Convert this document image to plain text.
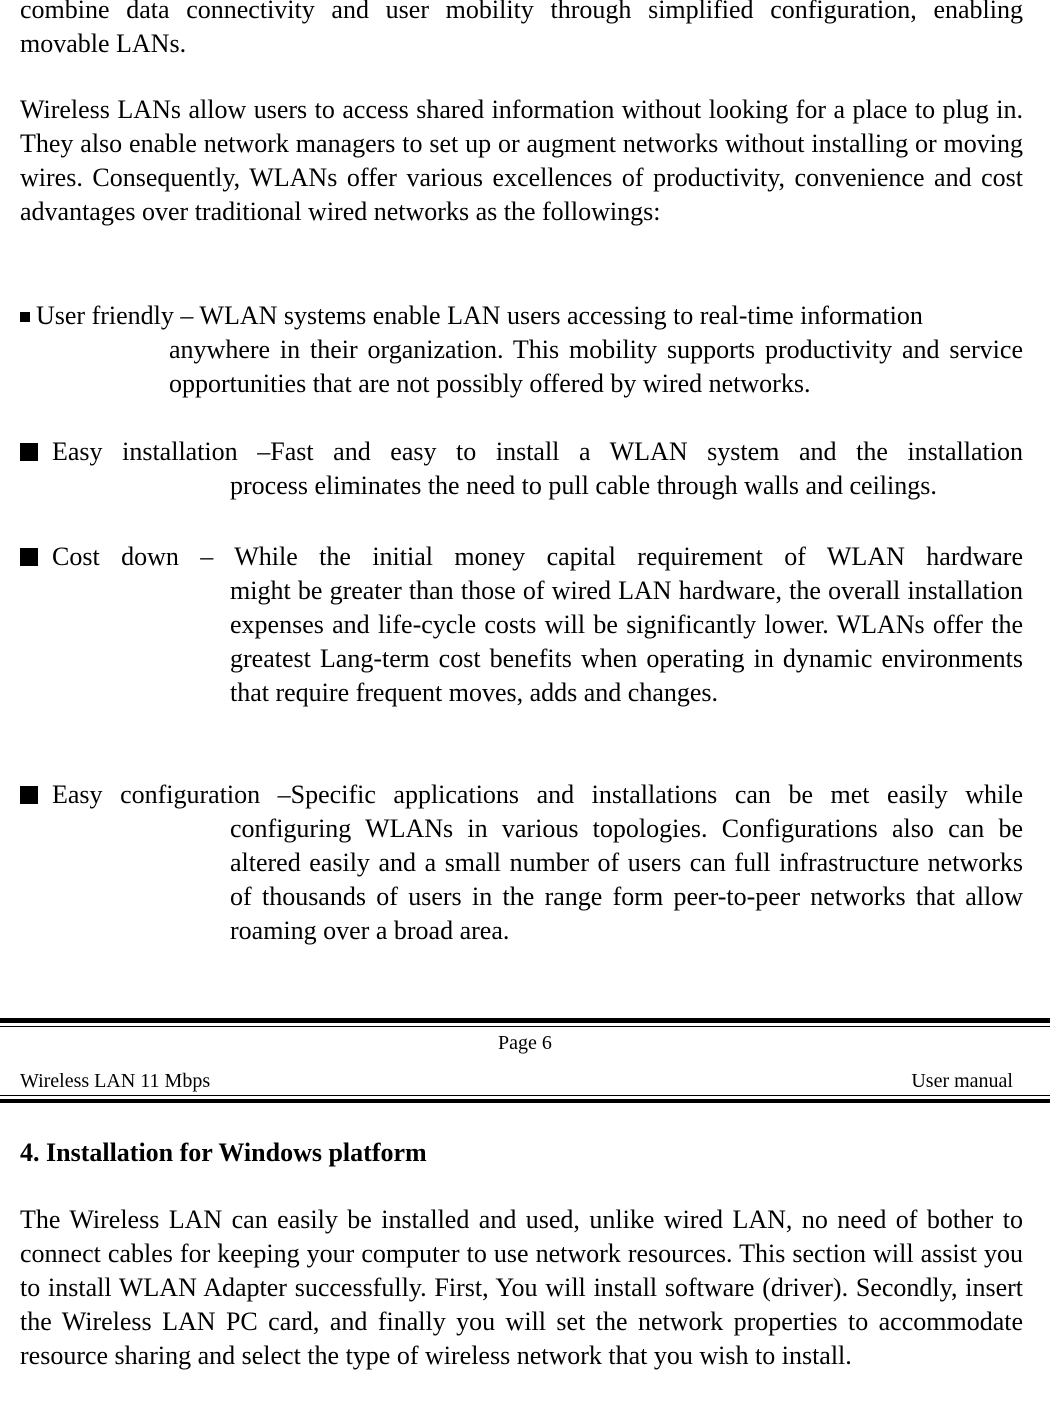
combine data connectivity and user mobility through simplified configuration, enabling movable LANs.

Wireless LANs allow users to access shared information without looking for a place to plug in. They also enable network managers to set up or augment networks without installing or moving wires. Consequently, WLANs offer various excellences of productivity, convenience and cost advantages over traditional wired networks as the followings:

User friendly – WLAN systems enable LAN users accessing to real-time information
anywhere in their organization. This mobility supports productivity and service opportunities that are not possibly offered by wired networks.
Easy installation –Fast and easy to install a WLAN system and the installation
process eliminates the need to pull cable through walls and ceilings.
Cost down – While the initial money capital requirement of WLAN hardware
might be greater than those of wired LAN hardware, the overall installation expenses and life-cycle costs will be significantly lower. WLANs offer the greatest Lang-term cost benefits when operating in dynamic environments that require frequent moves, adds and changes.
Easy configuration –Specific applications and installations can be met easily while
configuring WLANs in various topologies. Configurations also can be altered easily and a small number of users can full infrastructure networks of thousands of users in the range form peer-to-peer networks that allow roaming over a broad area.
Page 6
Wireless LAN 11 Mbps	User manual
4. Installation for Windows platform

The Wireless LAN can easily be installed and used, unlike wired LAN, no need of bother to connect cables for keeping your computer to use network resources. This section will assist you to install WLAN Adapter successfully. First, You will install software (driver). Secondly, insert the Wireless LAN PC card, and finally you will set the network properties to accommodate resource sharing and select the type of wireless network that you wish to install.
